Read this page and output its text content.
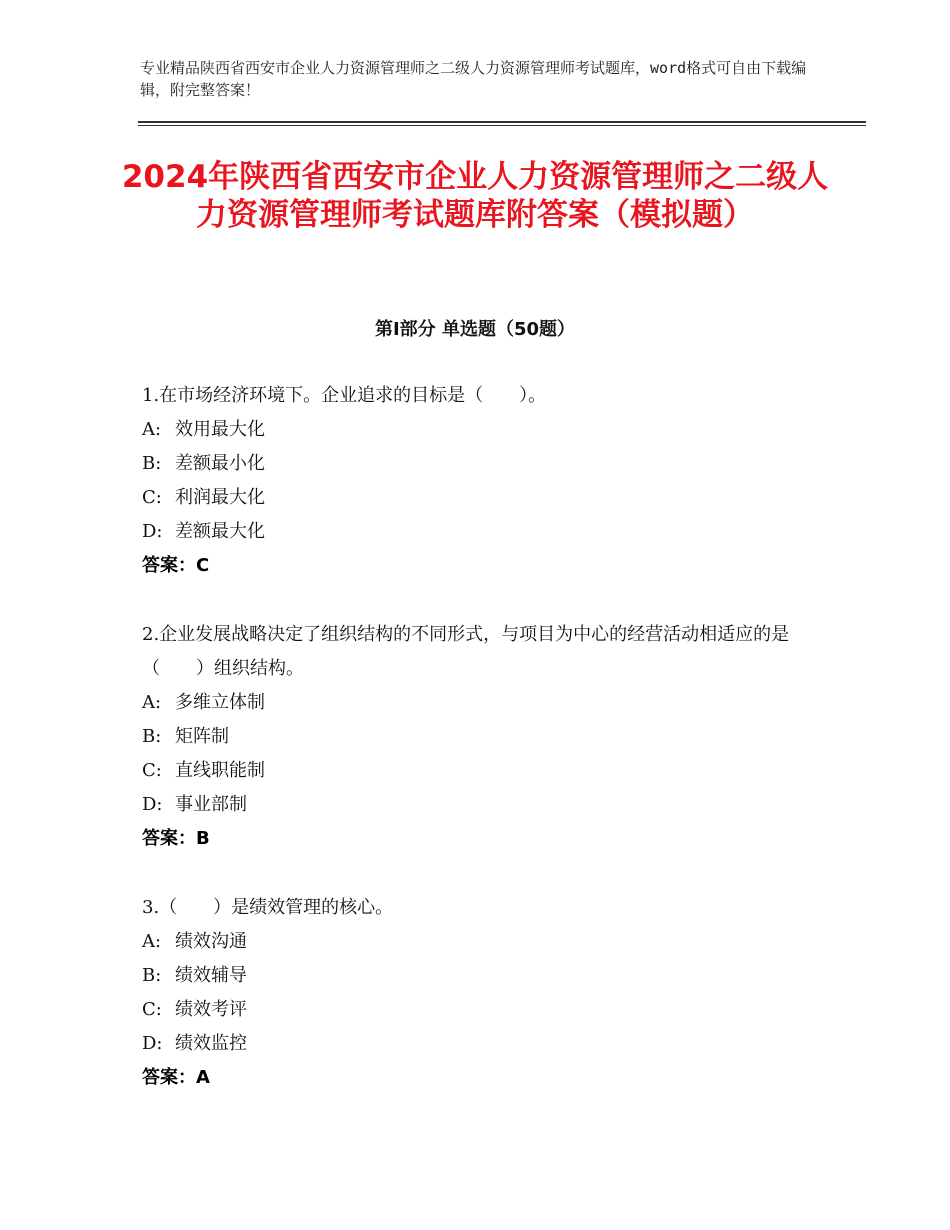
专业精品陕西省西安市企业人力资源管理师之二级人力资源管理师考试题库，word格式可自由下载编辑，附完整答案！
2024年陕西省西安市企业人力资源管理师之二级人力资源管理师考试题库附答案（模拟题）
第Ⅰ部分 单选题（50题）

1.在市场经济环境下。企业追求的目标是（　　）。

A: 效用最大化

B: 差额最小化

C: 利润最大化

D: 差额最大化

答案：C

2.企业发展战略决定了组织结构的不同形式，与项目为中心的经营活动相适应的是（　　）组织结构。

A: 多维立体制

B: 矩阵制

C: 直线职能制

D: 事业部制

答案：B

3.（　　）是绩效管理的核心。

A: 绩效沟通

B: 绩效辅导

C: 绩效考评

D: 绩效监控

答案：A
